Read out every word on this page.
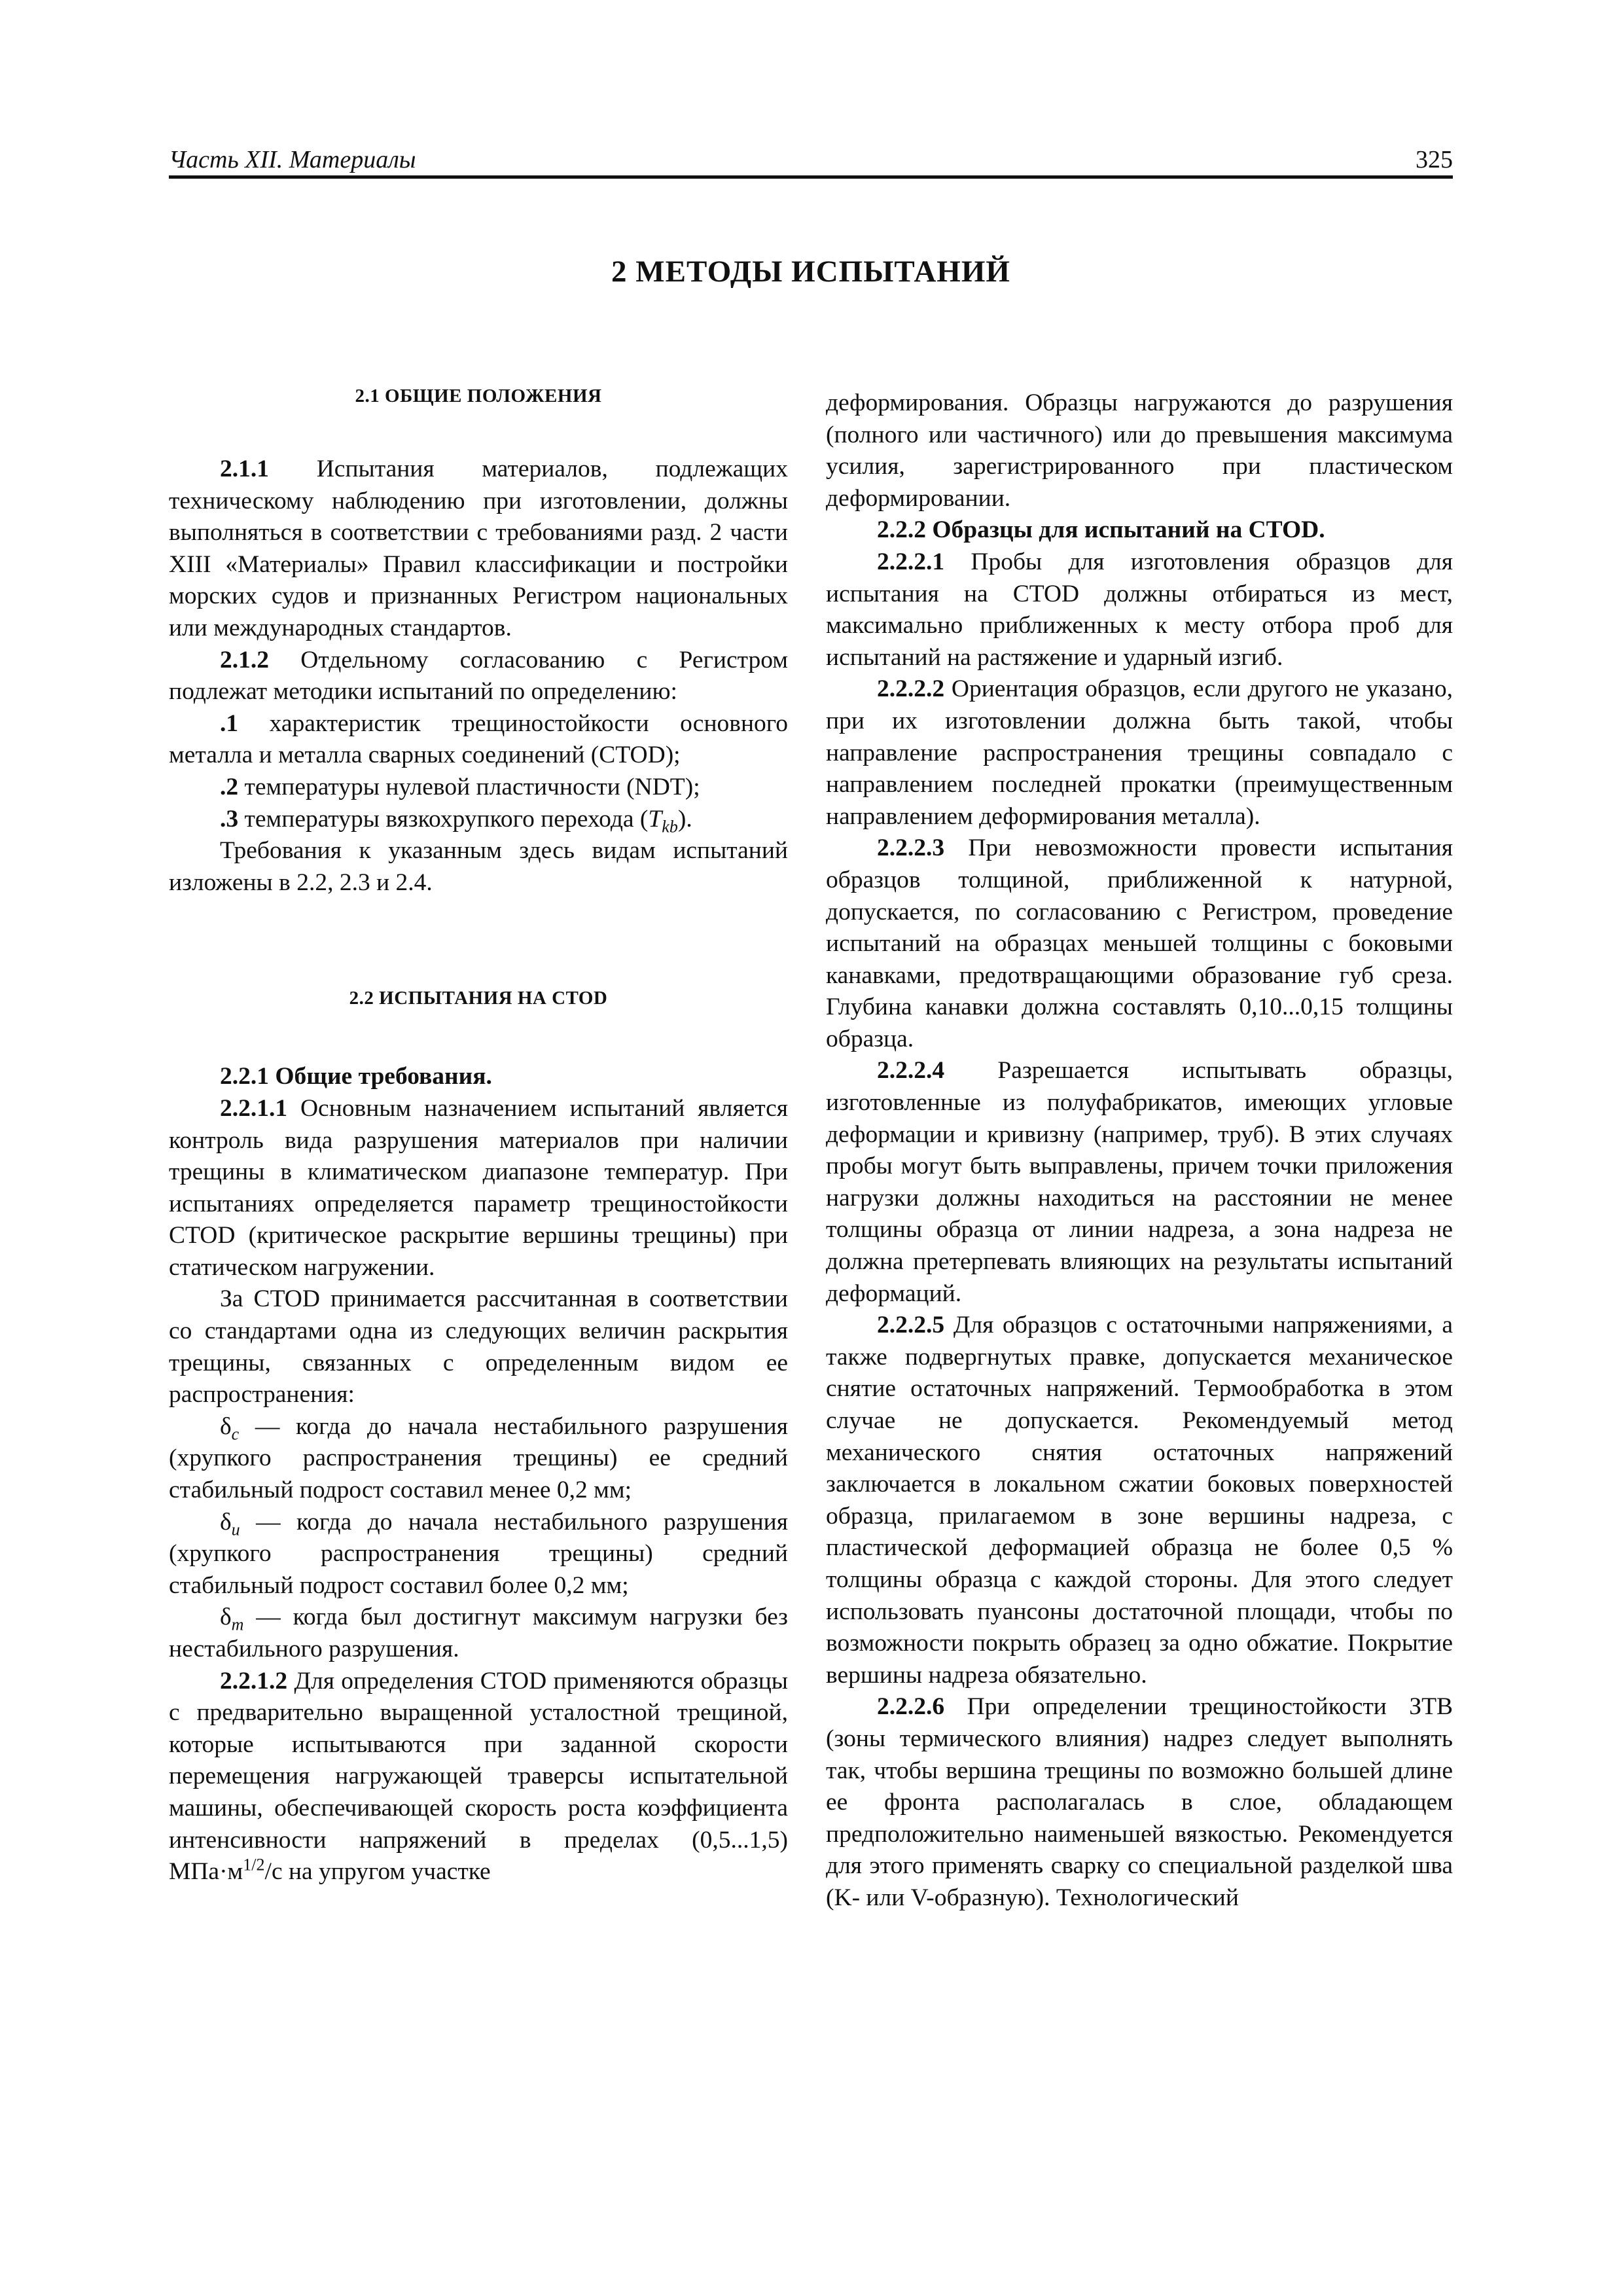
Часть XII. Материалы	325
2 МЕТОДЫ ИСПЫТАНИЙ
2.1 ОБЩИЕ ПОЛОЖЕНИЯ

2.1.1 Испытания материалов, подлежащих техническому наблюдению при изготовлении, должны выполняться в соответствии с требованиями разд. 2 части XIII «Материалы» Правил классификации и постройки морских судов и признанных Регистром национальных или международных стандартов.

2.1.2 Отдельному согласованию с Регистром подлежат методики испытаний по определению:

.1 характеристик трещиностойкости основного металла и металла сварных соединений (CTOD);

.2 температуры нулевой пластичности (NDT);

.3 температуры вязкохрупкого перехода $(T_{kb})$.

Требования к указанным здесь видам испытаний изложены в 2.2, 2.3 и 2.4.

2.2 ИСПЫТАНИЯ НА CTOD

2.2.1 Общие требования.

2.2.1.1 Основным назначением испытаний является контроль вида разрушения материалов при наличии трещины в климатическом диапазоне температур. При испытаниях определяется параметр трещиностойкости CTOD (критическое раскрытие вершины трещины) при статическом нагружении.

За CTOD принимается рассчитанная в соответствии со стандартами одна из следующих величин раскрытия трещины, связанных с определенным видом ее распространения:

$\delta_c$ — когда до начала нестабильного разрушения (хрупкого распространения трещины) ее средний стабильный подрост составил менее 0,2 мм;

$\delta_u$ — когда до начала нестабильного разрушения (хрупкого распространения трещины) средний стабильный подрост составил более 0,2 мм;

$\delta_m$ — когда был достигнут максимум нагрузки без нестабильного разрушения.

2.2.1.2 Для определения CTOD применяются образцы с предварительно выращенной усталостной трещиной, которые испытываются при заданной скорости перемещения нагружающей траверсы испытательной машины, обеспечивающей скорость роста коэффициента интенсивности напряжений в пределах (0,5...1,5) $МПа\cdot м^{1/2}/с$ на упругом участке

деформирования. Образцы нагружаются до разрушения (полного или частичного) или до превышения максимума усилия, зарегистрированного при пластическом деформировании.

2.2.2 Образцы для испытаний на CTOD.

2.2.2.1 Пробы для изготовления образцов для испытания на CTOD должны отбираться из мест, максимально приближенных к месту отбора проб для испытаний на растяжение и ударный изгиб.

2.2.2.2 Ориентация образцов, если другого не указано, при их изготовлении должна быть такой, чтобы направление распространения трещины совпадало с направлением последней прокатки (преимущественным направлением деформирования металла).

2.2.2.3 При невозможности провести испытания образцов толщиной, приближенной к натурной, допускается, по согласованию с Регистром, проведение испытаний на образцах меньшей толщины с боковыми канавками, предотвращающими образование губ среза. Глубина канавки должна составлять 0,10...0,15 толщины образца.

2.2.2.4 Разрешается испытывать образцы, изготовленные из полуфабрикатов, имеющих угловые деформации и кривизну (например, труб). В этих случаях пробы могут быть выправлены, причем точки приложения нагрузки должны находиться на расстоянии не менее толщины образца от линии надреза, а зона надреза не должна претерпевать влияющих на результаты испытаний деформаций.

2.2.2.5 Для образцов с остаточными напряжениями, а также подвергнутых правке, допускается механическое снятие остаточных напряжений. Термообработка в этом случае не допускается. Рекомендуемый метод механического снятия остаточных напряжений заключается в локальном сжатии боковых поверхностей образца, прилагаемом в зоне вершины надреза, с пластической деформацией образца не более 0,5 % толщины образца с каждой стороны. Для этого следует использовать пуансоны достаточной площади, чтобы по возможности покрыть образец за одно обжатие. Покрытие вершины надреза обязательно.

2.2.2.6 При определении трещиностойкости ЗТВ (зоны термического влияния) надрез следует выполнять так, чтобы вершина трещины по возможно большей длине ее фронта располагалась в слое, обладающем предположительно наименьшей вязкостью. Рекомендуется для этого применять сварку со специальной разделкой шва (K- или V-образную). Технологический
